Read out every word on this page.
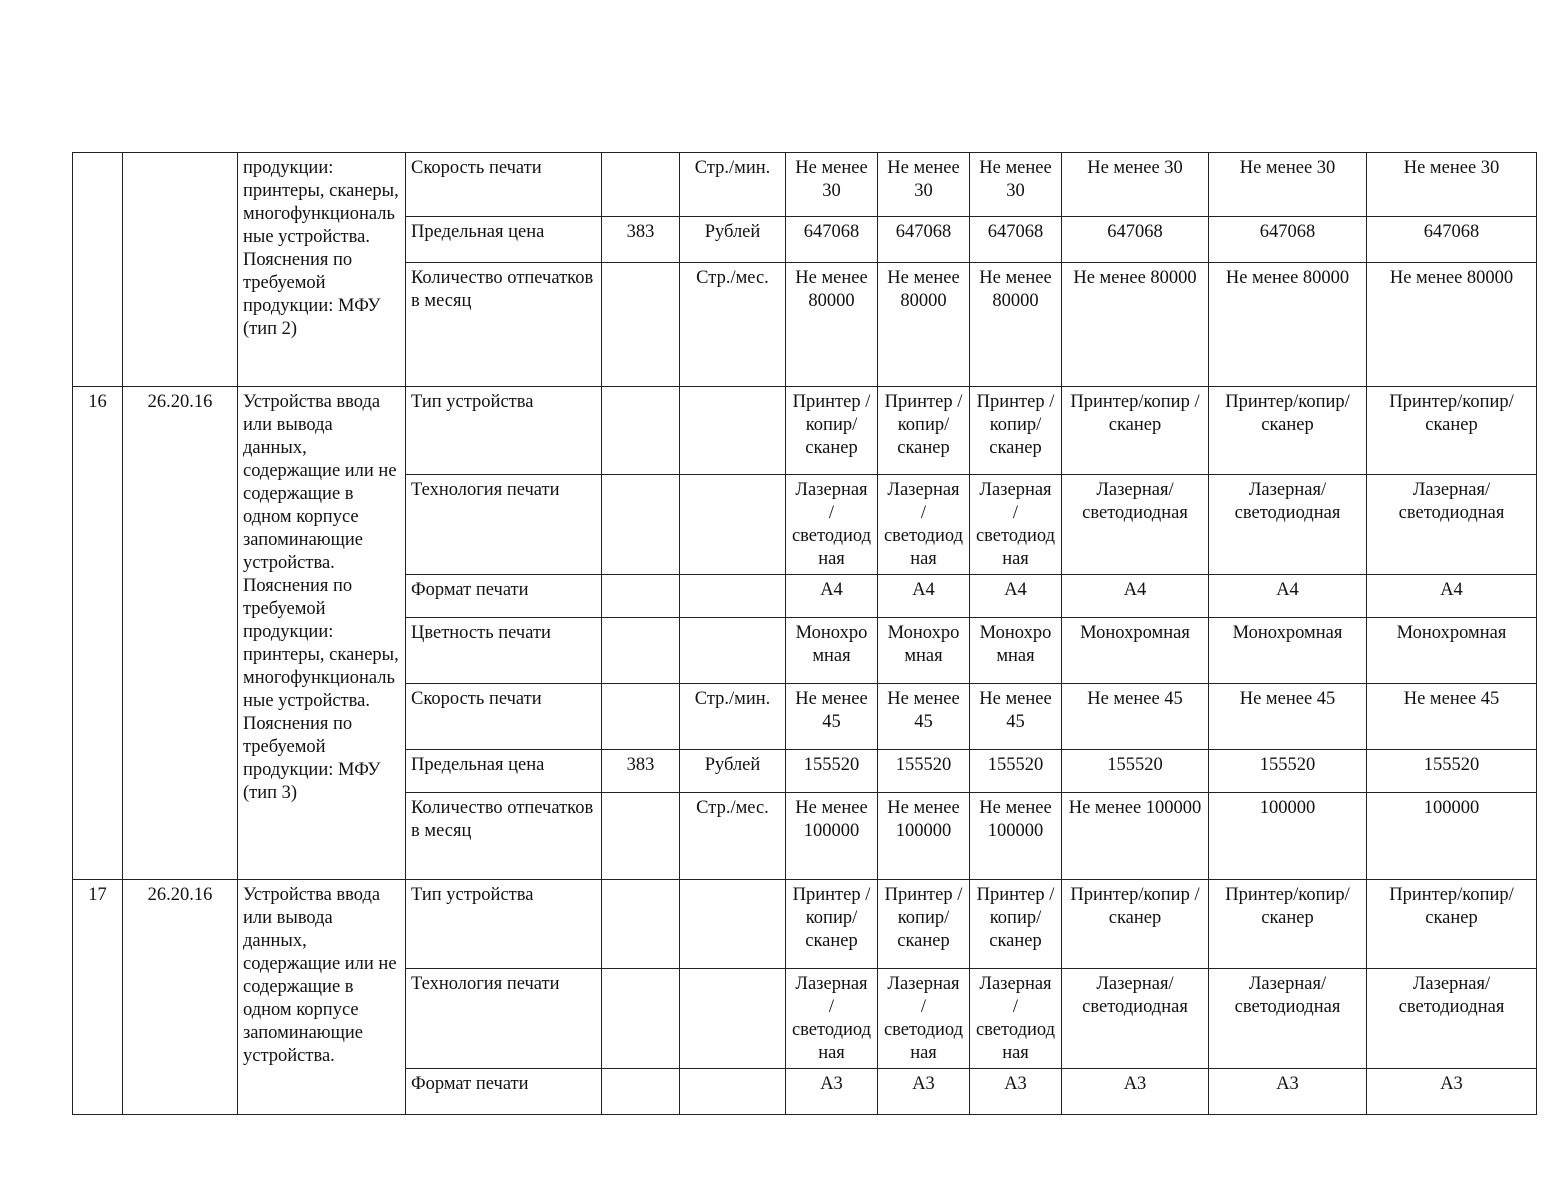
		продукции: принтеры, сканеры, многофункциональные устройства. Пояснения по требуемой продукции: МФУ (тип 2)	Скорость печати		Стр./мин.	Не менее 30	Не менее 30	Не менее 30	Не менее 30	Не менее 30	Не менее 30
			Предельная цена	383	Рублей	647068	647068	647068	647068	647068	647068
			Количество отпечатков в месяц		Стр./мес.	Не менее 80000	Не менее 80000	Не менее 80000	Не менее 80000	Не менее 80000	Не менее 80000
16	26.20.16	Устройства ввода или вывода данных, содержащие или не содержащие в одном корпусе запоминающие устройства. Пояснения по требуемой продукции: принтеры, сканеры, многофункциональные устройства. Пояснения по требуемой продукции: МФУ (тип 3)	Тип устройства			Принтер /копир/сканер	Принтер /копир/сканер	Принтер /копир/сканер	Принтер/копир /сканер	Принтер/копир/ сканер	Принтер/копир/сканер
			Технология печати			Лазерная /светодиодная	Лазерная /светодиодная	Лазерная /светодиодная	Лазерная/светодиодная	Лазерная/светодиодная	Лазерная/светодиодная
			Формат печати			А4	А4	А4	А4	А4	А4
			Цветность печати			Монохромная	Монохромная	Монохромная	Монохромная	Монохромная	Монохромная
			Скорость печати		Стр./мин.	Не менее 45	Не менее 45	Не менее 45	Не менее 45	Не менее 45	Не менее 45
			Предельная цена	383	Рублей	155520	155520	155520	155520	155520	155520
			Количество отпечатков в месяц		Стр./мес.	Не менее 100000	Не менее 100000	Не менее 100000	Не менее 100000	100000	100000
17	26.20.16	Устройства ввода или вывода данных, содержащие или не содержащие в одном корпусе запоминающие устройства.	Тип устройства			Принтер /копир/сканер	Принтер /копир/сканер	Принтер /копир/сканер	Принтер/копир /сканер	Принтер/копир/ сканер	Принтер/копир/сканер
			Технология печати			Лазерная /светодиодная	Лазерная /светодиодная	Лазерная /светодиодная	Лазерная/светодиодная	Лазерная/светодиодная	Лазерная/светодиодная
			Формат печати			А3	А3	А3	А3	А3	А3
